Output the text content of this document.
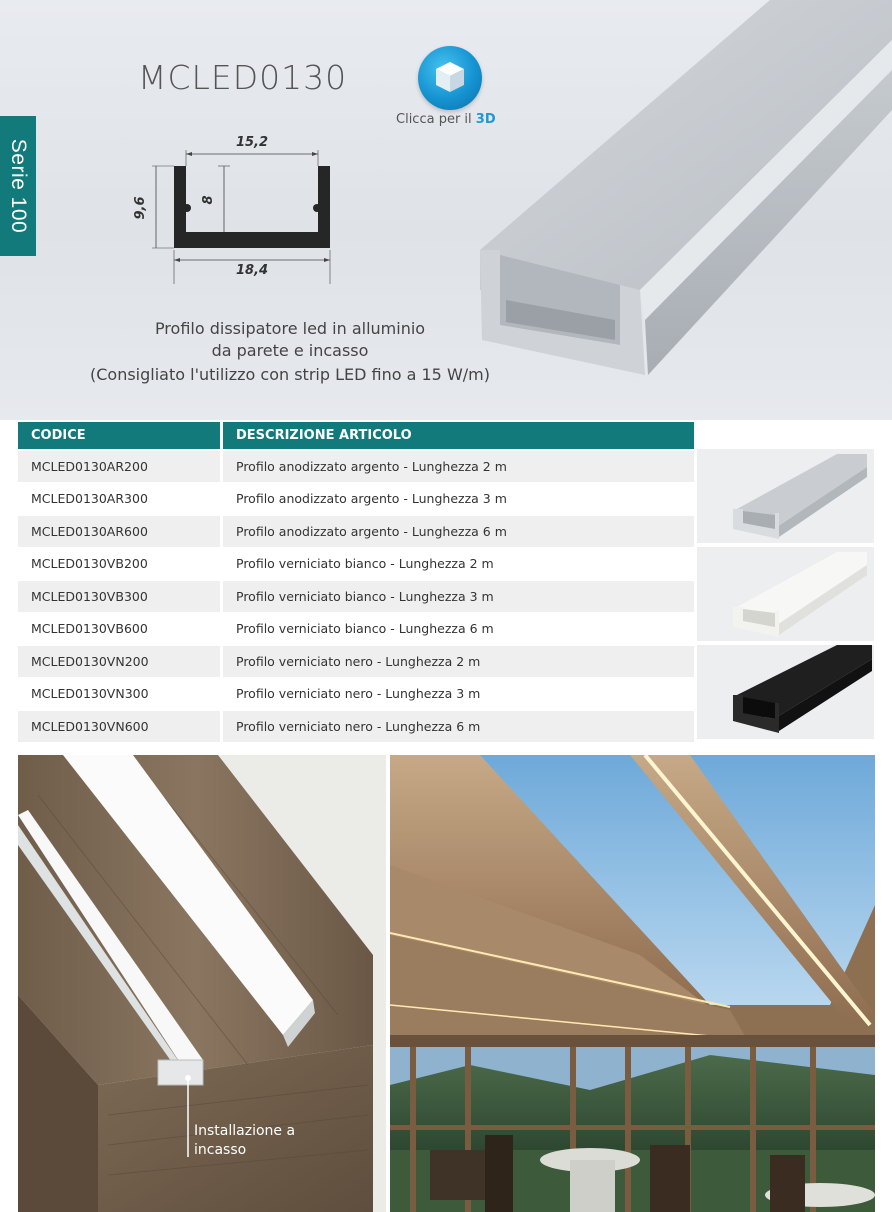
Serie 100
MCLED0130
Clicca per il 3D
15,2
18,4
9,6	8
Profilo dissipatore led in alluminio
da parete e incasso
(Consigliato l'utilizzo con strip LED fino a 15 W/m)
CODICE	DESCRIZIONE ARTICOLO
MCLED0130AR200	Profilo anodizzato argento - Lunghezza 2 m
MCLED0130AR300	Profilo anodizzato argento - Lunghezza 3 m
MCLED0130AR600	Profilo anodizzato argento - Lunghezza 6 m
MCLED0130VB200	Profilo verniciato bianco - Lunghezza 2 m
MCLED0130VB300	Profilo verniciato bianco - Lunghezza 3 m
MCLED0130VB600	Profilo verniciato bianco - Lunghezza 6 m
MCLED0130VN200	Profilo verniciato nero - Lunghezza 2 m
MCLED0130VN300	Profilo verniciato nero - Lunghezza 3 m
MCLED0130VN600	Profilo verniciato nero - Lunghezza 6 m
Installazione a
incasso
